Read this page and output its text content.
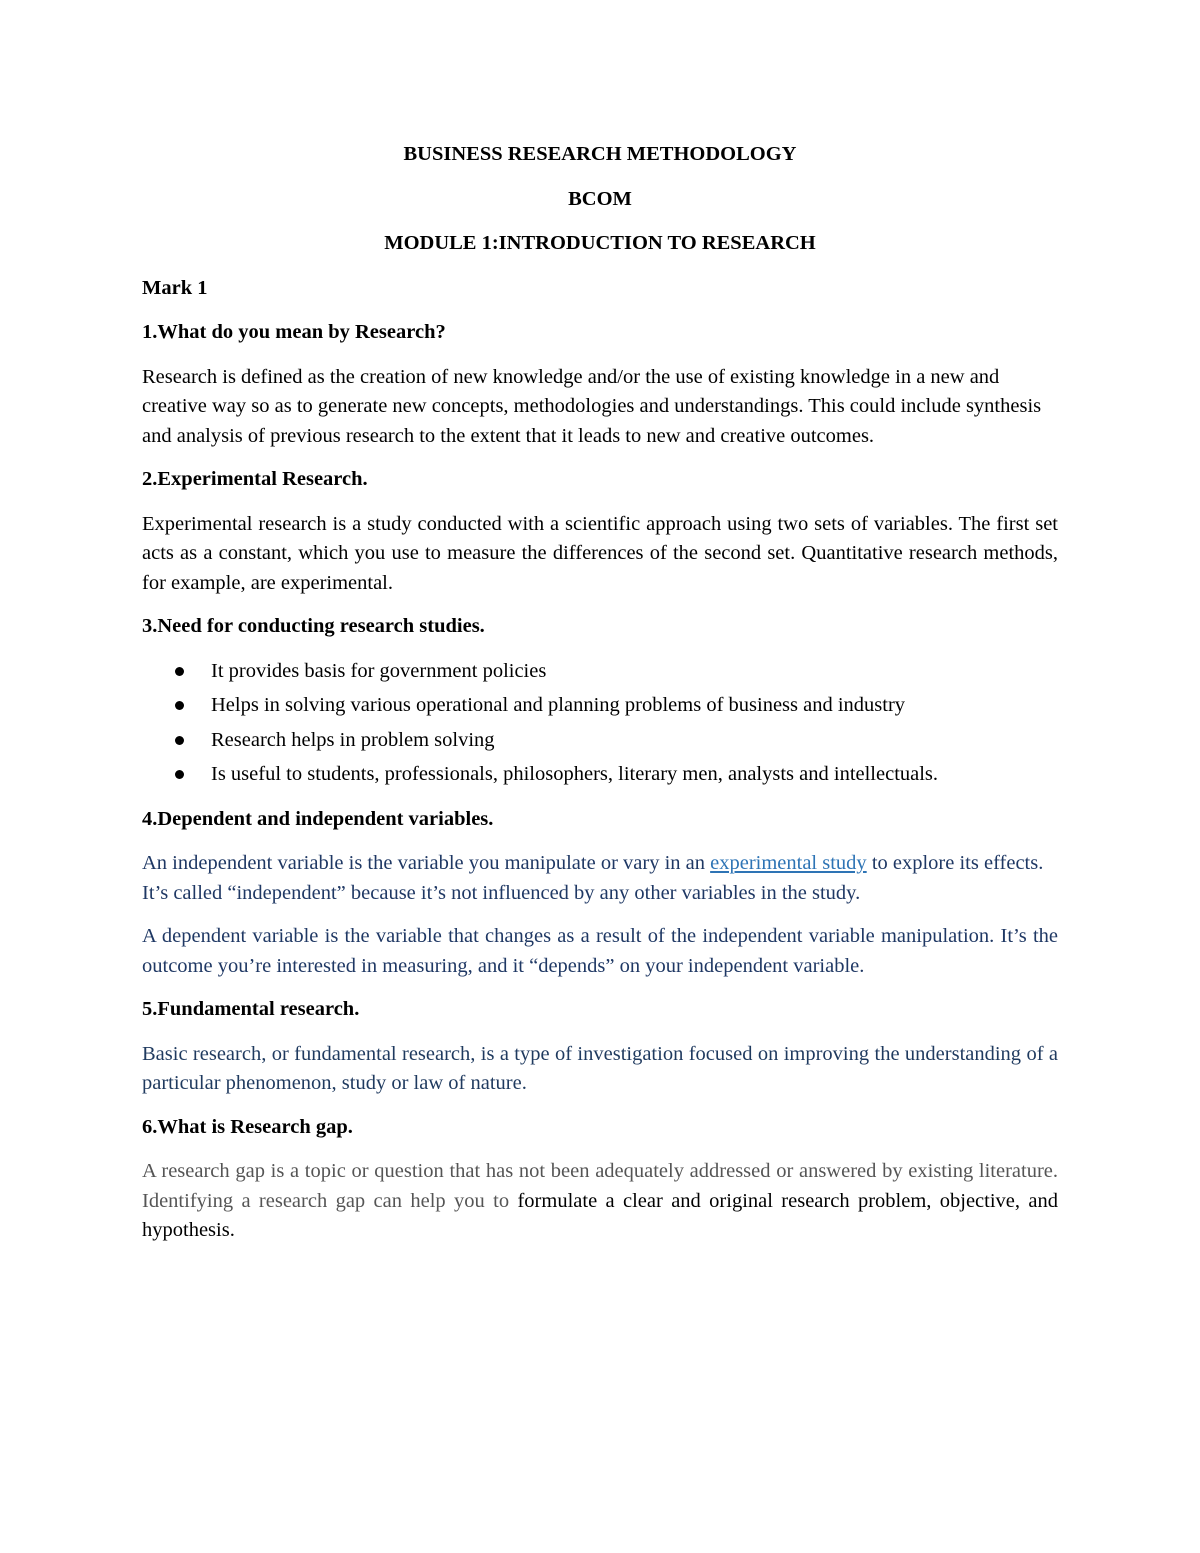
BUSINESS RESEARCH METHODOLOGY

BCOM

MODULE 1:INTRODUCTION TO RESEARCH

Mark 1

1.What do you mean by Research?

Research is defined as the creation of new knowledge and/or the use of existing knowledge in a new and creative way so as to generate new concepts, methodologies and understandings. This could include synthesis and analysis of previous research to the extent that it leads to new and creative outcomes.

2.Experimental Research.

Experimental research is a study conducted with a scientific approach using two sets of variables. The first set acts as a constant, which you use to measure the differences of the second set. Quantitative research methods, for example, are experimental.

3.Need for conducting research studies.

It provides basis for government policies
Helps in solving various operational and planning problems of business and industry
Research helps in problem solving
Is useful to students, professionals, philosophers, literary men, analysts and intellectuals.

4.Dependent and independent variables.

An independent variable is the variable you manipulate or vary in an experimental study to explore its effects. It’s called “independent” because it’s not influenced by any other variables in the study.

A dependent variable is the variable that changes as a result of the independent variable manipulation. It’s the outcome you’re interested in measuring, and it “depends” on your independent variable.

5.Fundamental research.

Basic research, or fundamental research, is a type of investigation focused on improving the understanding of a particular phenomenon, study or law of nature.

6.What is Research gap.

A research gap is a topic or question that has not been adequately addressed or answered by existing literature. Identifying a research gap can help you to formulate a clear and original research problem, objective, and hypothesis.
